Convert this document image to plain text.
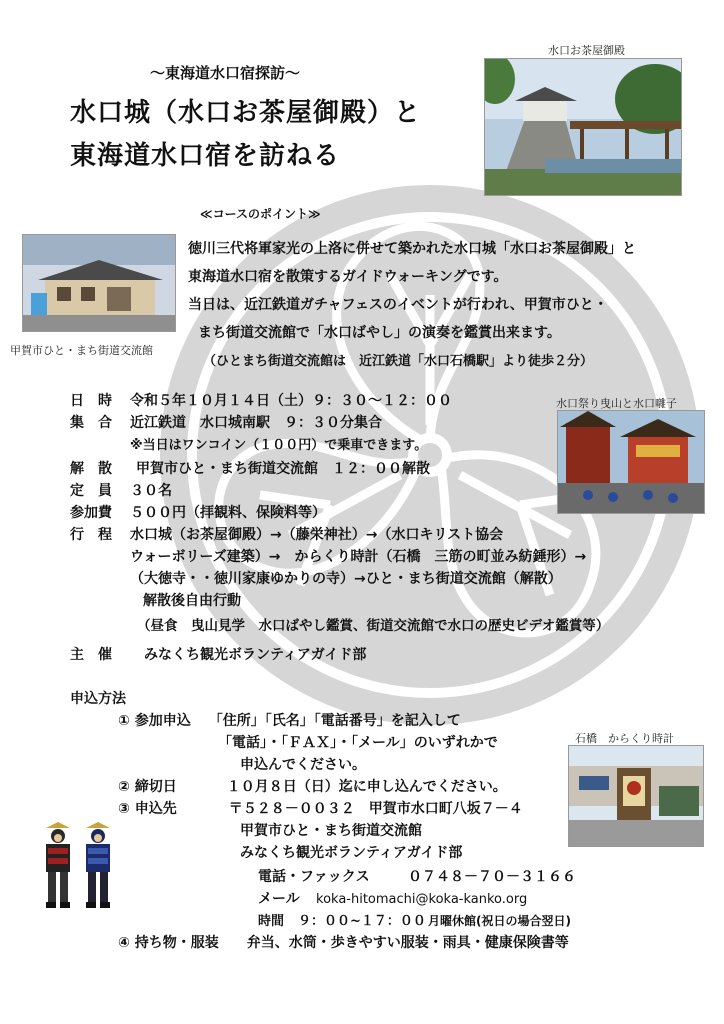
～東海道水口宿探訪～
水口城（水口お茶屋御殿）と
東海道水口宿を訪ねる
水口お茶屋御殿
甲賀市ひと・まち街道交流館
≪コースのポイント≫
徳川三代将軍家光の上洛に併せて築かれた水口城「水口お茶屋御殿」と
東海道水口宿を散策するガイドウォーキングです。
当日は、近江鉄道ガチャフェスのイベントが行われ、甲賀市ひと・
まち街道交流館で「水口ばやし」の演奏を鑑賞出来ます。
（ひとまち街道交流館は　近江鉄道「水口石橋駅」より徒歩２分）
水口祭り曳山と水口囃子
日　時 令和５年１０月１４日（土）９：３０～１２：００
集　合 近江鉄道　水口城南駅　９：３０分集合
※当日はワンコイン（１００円）で乗車できます。
解　散 甲賀市ひと・まち街道交流館　１２：００解散
定　員 ３０名
参加費 ５００円（拝観料、保険料等）
行　程 水口城（お茶屋御殿）→（藤栄神社）→（水口キリスト協会
ウォーボリーズ建築）→　からくり時計（石橋　三筋の町並み紡錘形）→
（大徳寺・・徳川家康ゆかりの寺）→ひと・まち街道交流館（解散）
解散後自由行動
（昼食　曳山見学　水口ばやし鑑賞、街道交流館で水口の歴史ビデオ鑑賞等）
主　催 みなくち観光ボランティアガイド部
申込方法
① 参加申込 「住所」「氏名」「電話番号」を記入して
「電話」・「ＦＡＸ」・「メール」のいずれかで
申込んでください。
② 締切日	１０月８日（日）迄に申し込んでください。
③ 申込先	〒５２８－００３２　甲賀市水口町八坂７－４
甲賀市ひと・まち街道交流館
みなくち観光ボランティアガイド部
電話・ファックス	０７４８－７０－３１６６
メール koka-hitomachi@koka-kanko.org
時間 ９：００~１７：００ 月曜休館(祝日の場合翌日)
④ 持ち物・服装 弁当、水筒・歩きやすい服装・雨具・健康保険書等
石橋　からくり時計
